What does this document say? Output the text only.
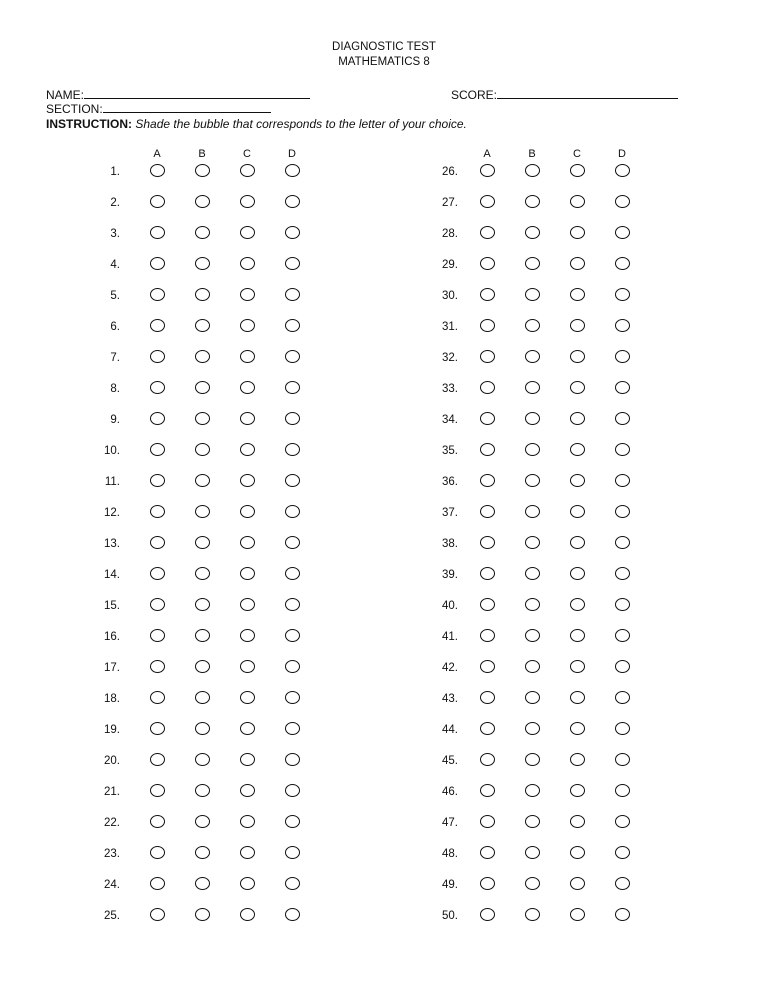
DIAGNOSTIC TEST
MATHEMATICS 8
NAME:	SCORE:
SECTION:
INSTRUCTION: Shade the bubble that corresponds to the letter of your choice.
A	B	C	D
1.
2.
3.
4.
5.
6.
7.
8.
9.
10.
11.
12.
13.
14.
15.
16.
17.
18.
19.
20.
21.
22.
23.
24.
25.
A	B	C	D
26.
27.
28.
29.
30.
31.
32.
33.
34.
35.
36.
37.
38.
39.
40.
41.
42.
43.
44.
45.
46.
47.
48.
49.
50.
